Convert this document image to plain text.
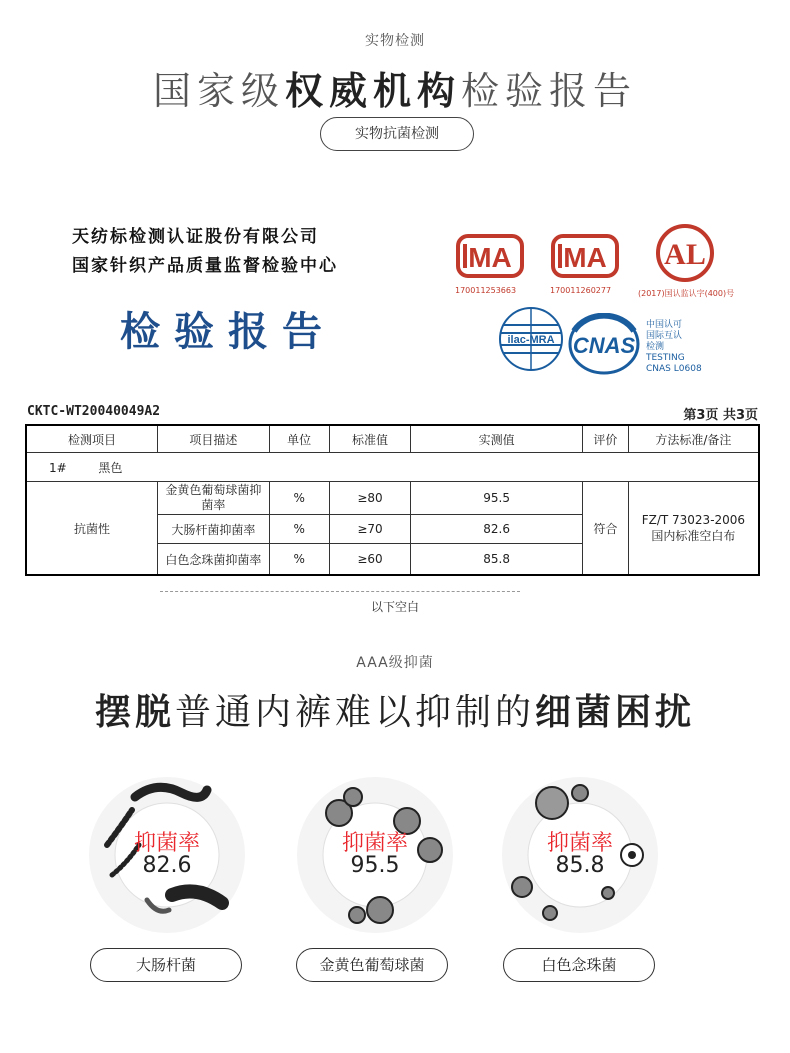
实物检测
国家级权威机构检验报告
实物抗菌检测
天纺标检测认证股份有限公司
国家针织产品质量监督检验中心
检验报告
MA
170011253663
MA
170011260277
AL
(2017)国认监认字(400)号
ilac-MRA CNAS
中国认可
国际互认
检测
TESTING
CNAS L0608
CKTC-WT20040049A2	第3页 共3页
检测项目	项目描述	单位	标准值	实测值	评价	方法标准/备注
1# 黑色						
抗菌性	金黄色葡萄球菌抑菌率	%	≥80	95.5	符合	FZ/T 73023-2006
国内标准空白布

	大肠杆菌抑菌率	%	≥70	82.6		
	白色念珠菌抑菌率	%	≥60	85.8		
以下空白
AAA级抑菌
摆脱普通内裤难以抑制的细菌困扰
抑菌率
82.6
抑菌率
95.5
抑菌率
85.8
大肠杆菌	金黄色葡萄球菌	白色念珠菌
